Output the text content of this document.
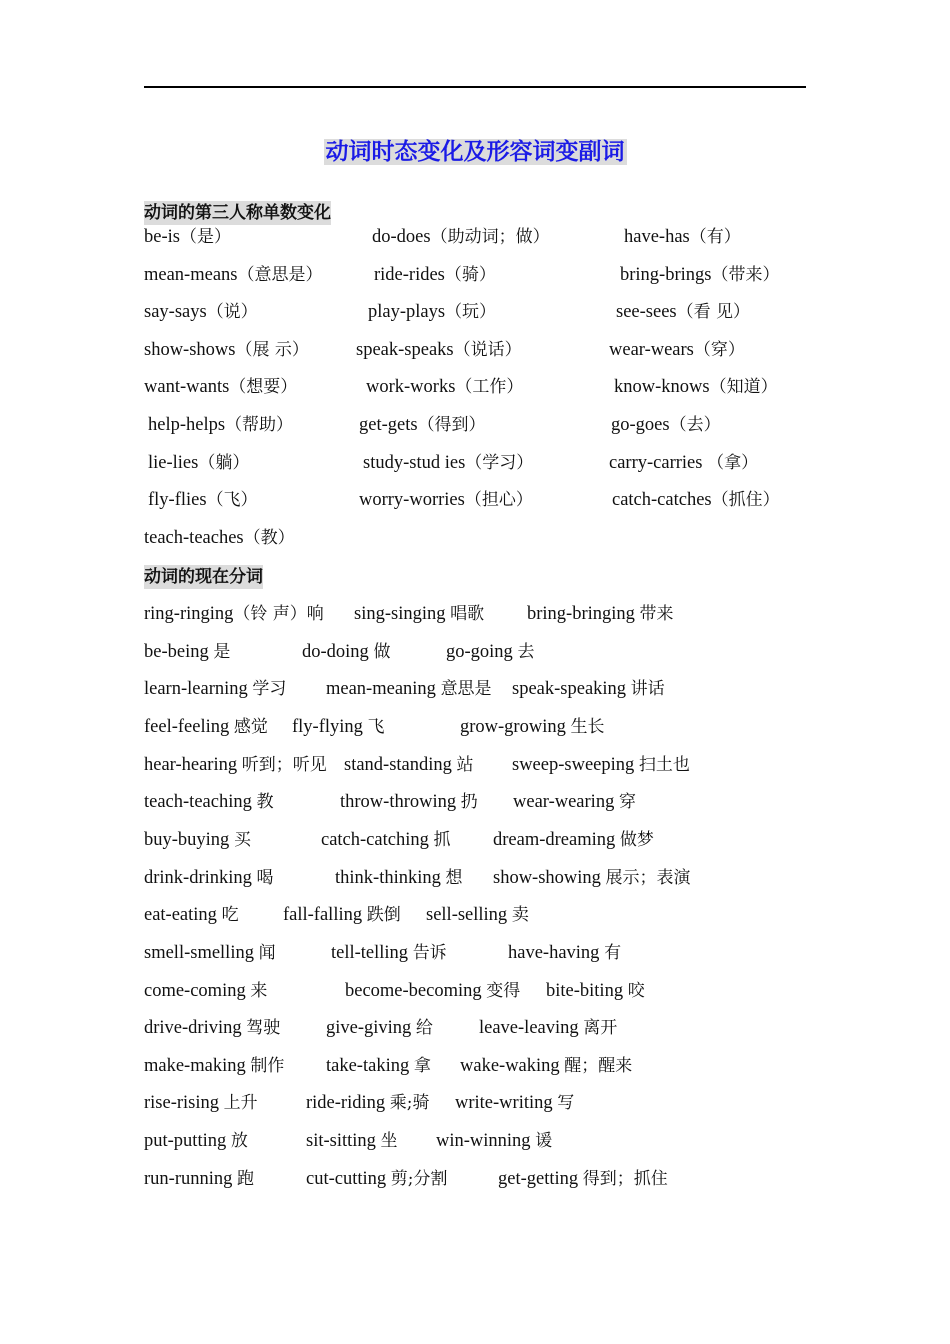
动词时态变化及形容词变副词
动词的第三人称单数变化
be-is（是）	do-does（助动词；做）	have-has（有）
mean-means（意思是）	ride-rides（骑）	bring-brings（带来）
say-says（说）	play-plays（玩）	see-sees（看 见）
show-shows（展 示）	speak-speaks（说话）	wear-wears（穿）
want-wants（想要）	work-works（工作）	know-knows（知道）
help-helps（帮助）	get-gets（得到）	go-goes（去）
lie-lies（躺）	study-stud ies（学习）	carry-carries （拿）
fly-flies（飞）	worry-worries（担心）	catch-catches（抓住）
teach-teaches（教）
动词的现在分词
ring-ringing（铃 声）响 sing-singing 唱歌 bring-bringing 带来
be-being 是	do-doing 做	go-going 去
learn-learning 学习 mean-meaning 意思是 speak-speaking 讲话
feel-feeling 感觉 fly-flying 飞	grow-growing 生长
hear-hearing 听到；听见 stand-standing 站 sweep-sweeping 扫土也
teach-teaching 教	throw-throwing 扔 wear-wearing 穿
buy-buying 买	catch-catching 抓 dream-dreaming 做梦
drink-drinking 喝	think-thinking 想 show-showing 展示；表演
eat-eating 吃 fall-falling 跌倒 sell-selling 卖
smell-smelling 闻	tell-telling 告诉	have-having 有
come-coming 来	become-becoming 变得 bite-biting 咬
drive-driving 驾驶 give-giving 给 leave-leaving 离开
make-making 制作 take-taking 拿 wake-waking 醒；醒来
rise-rising 上升	ride-riding 乘;骑 write-writing 写
put-putting 放	sit-sitting 坐 win-winning 谖
run-running 跑	cut-cutting 剪;分割	get-getting 得到；抓住
